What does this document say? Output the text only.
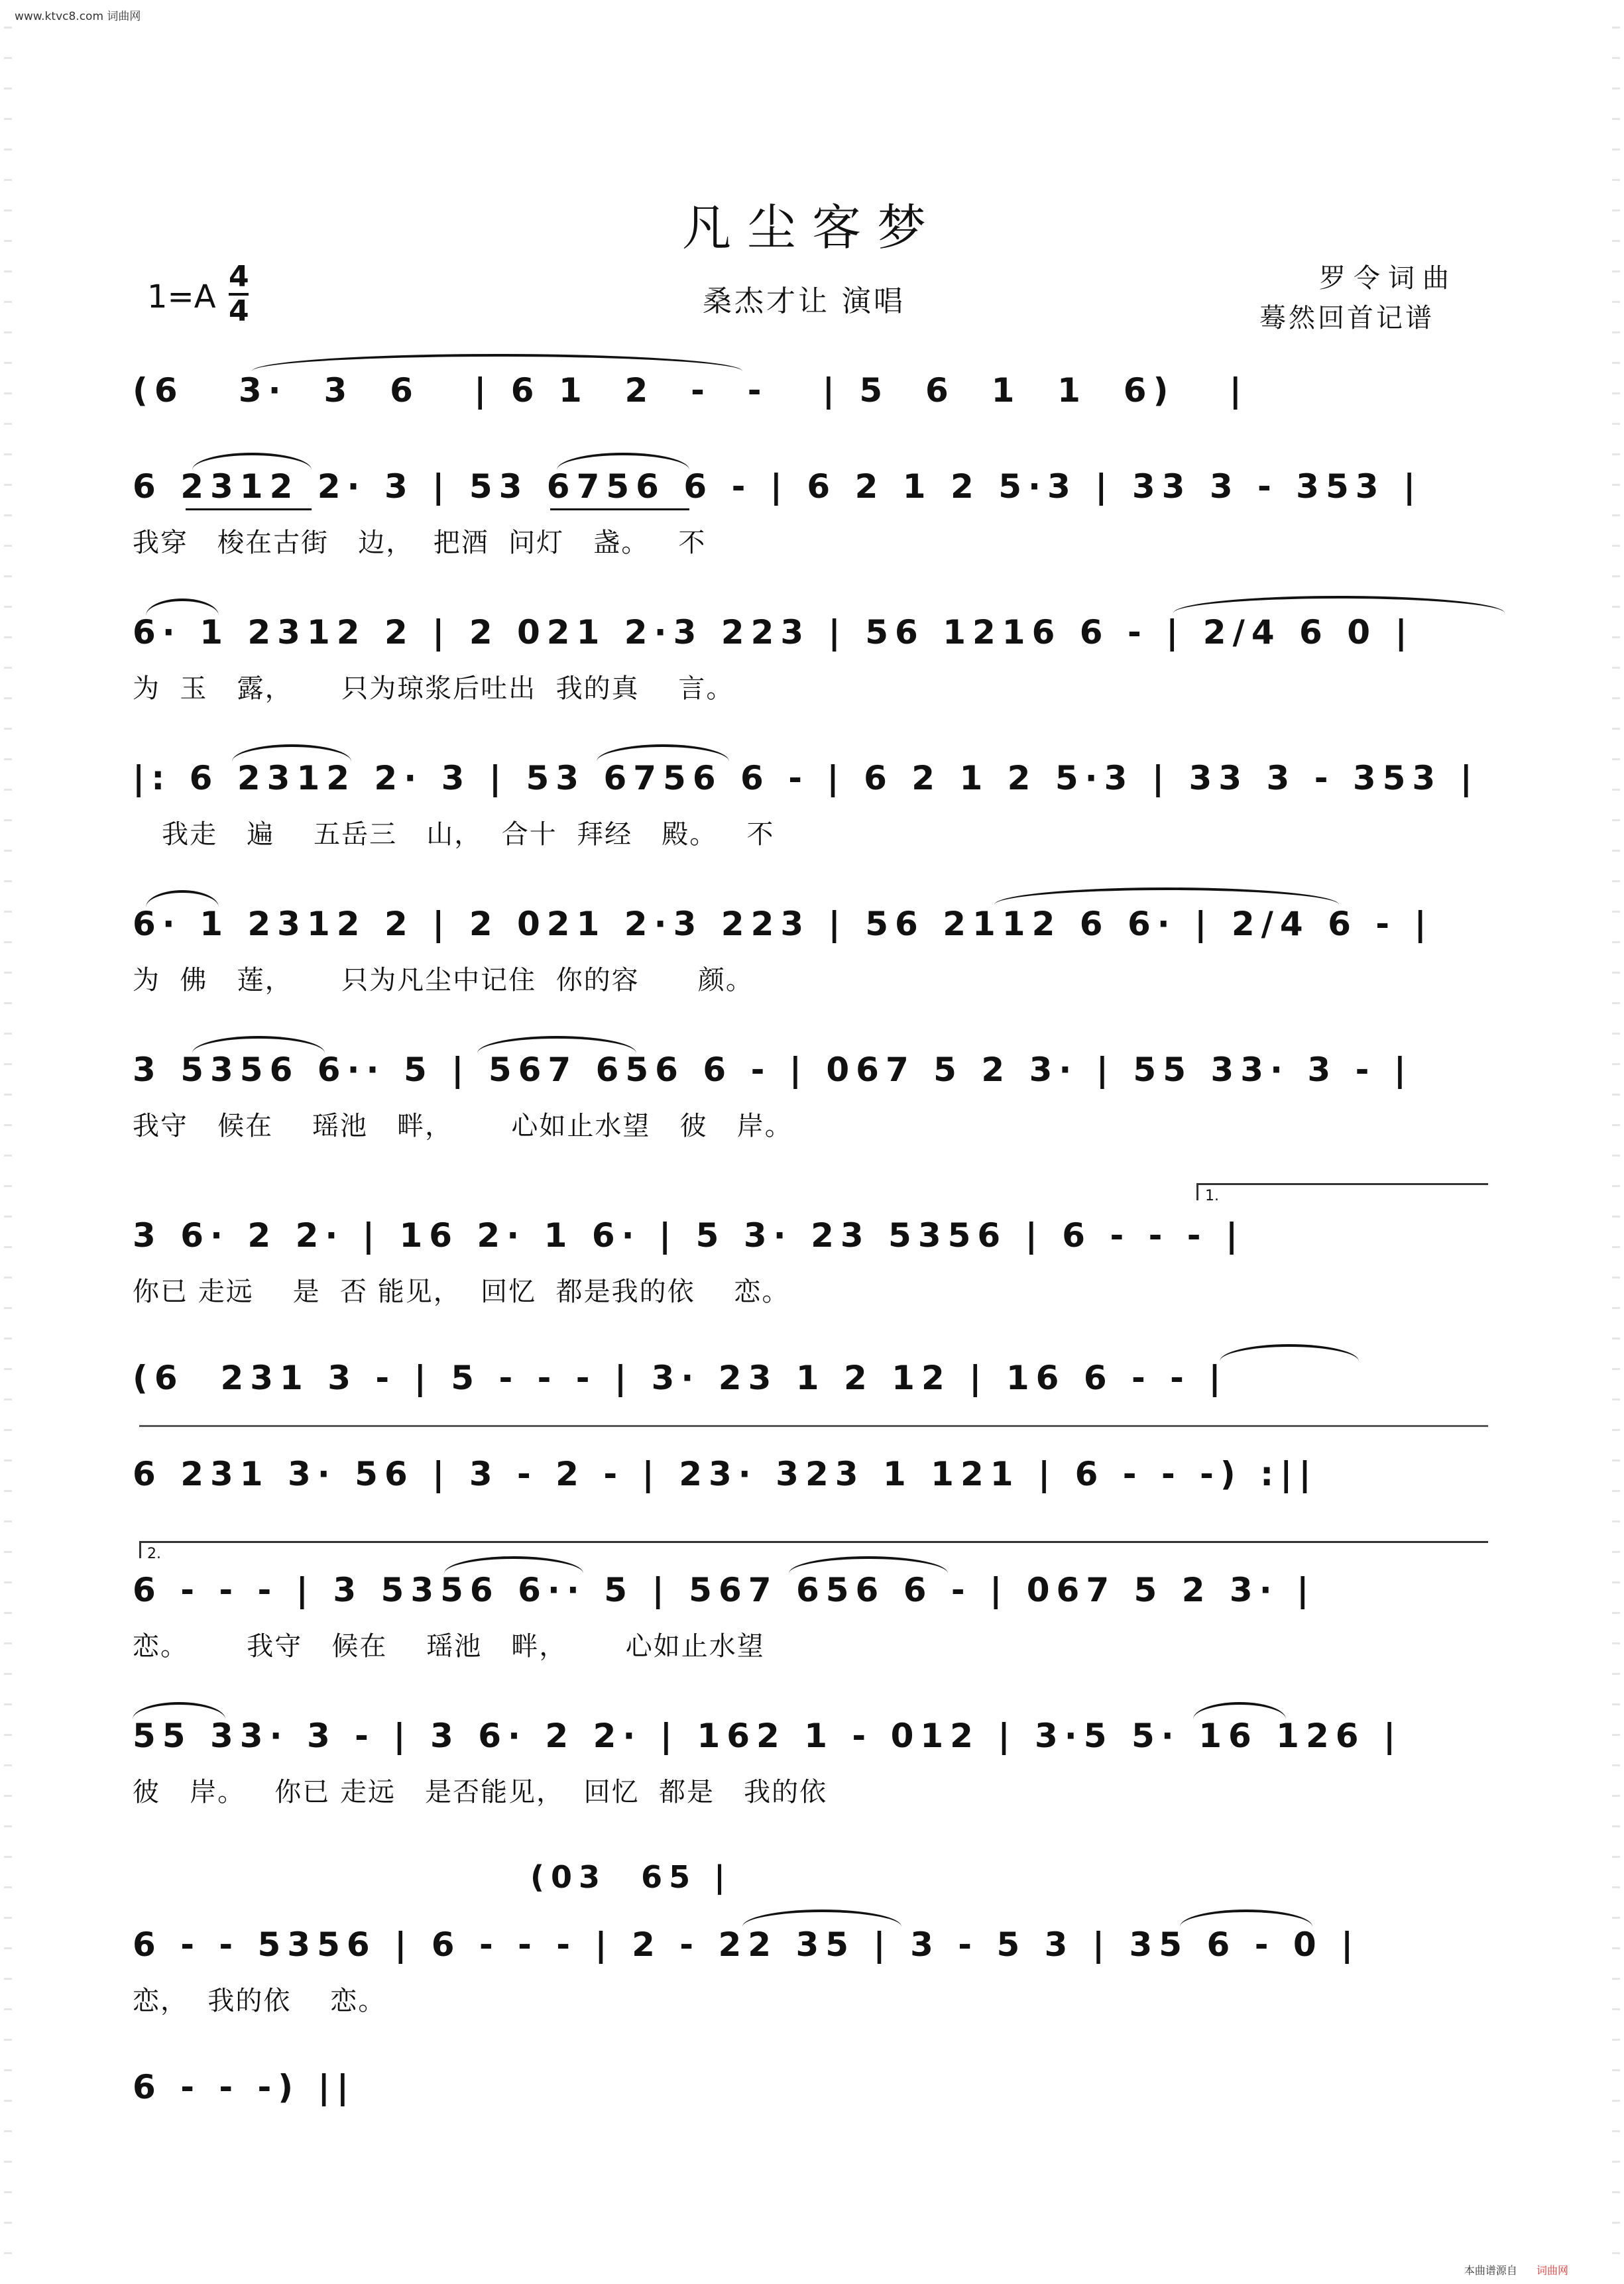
www.ktvc8.com 词曲网
凡尘客梦
1=A
4
4	桑杰才让 演唱
罗令词曲
蓦然回首记谱
(6   3·  3  6   | 6 1  2  -  -   | 5  6  1  1  6)   |
6 2312 2· 3 | 53 6756 6 - | 6 2 1 2 5·3 | 33 3 - 353 |
我穿   梭在古街   边，  把酒  问灯   盏。   不
6· 1 2312 2 | 2 021 2·3 223 | 56 1216 6 - | 2/4 6 0 |
为  玉   露，     只为琼浆后吐出  我的真    言。
|: 6 2312 2· 3 | 53 6756 6 - | 6 2 1 2 5·3 | 33 3 - 353 |
我走   遍    五岳三   山，  合十  拜经   殿。   不
6· 1 2312 2 | 2 021 2·3 223 | 56 2112 6 6· | 2/4 6 - |
为  佛   莲，     只为凡尘中记住  你的容      颜。
3 5356 6·· 5 | 567 656 6 - | 067 5 2 3· | 55 33· 3 - |
我守   候在    瑶池   畔，      心如止水望   彼   岸。
1.
3 6· 2 2· | 16 2· 1 6· | 5 3· 23 5356 | 6 - - - |
你已 走远    是  否 能见，  回忆  都是我的依    恋。
(6  231 3 - | 5 - - - | 3· 23 1 2 12 | 16 6 - - |
6 231 3· 56 | 3 - 2 - | 23· 323 1 121 | 6 - - -) :||
2.
6 - - - | 3 5356 6·· 5 | 567 656 6 - | 067 5 2 3· |
恋。      我守   候在    瑶池   畔，      心如止水望
55 33· 3 - | 3 6· 2 2· | 162 1 - 012 | 3·5 5· 16 126 |
彼   岸。   你已 走远   是否能见，  回忆  都是   我的依
(03  65 |
6 - - 5356 | 6 - - - | 2 - 22 35 | 3 - 5 3 | 35 6 - 0 |
恋，  我的依    恋。
6 - - -) ||
本曲谱源自 词曲网
